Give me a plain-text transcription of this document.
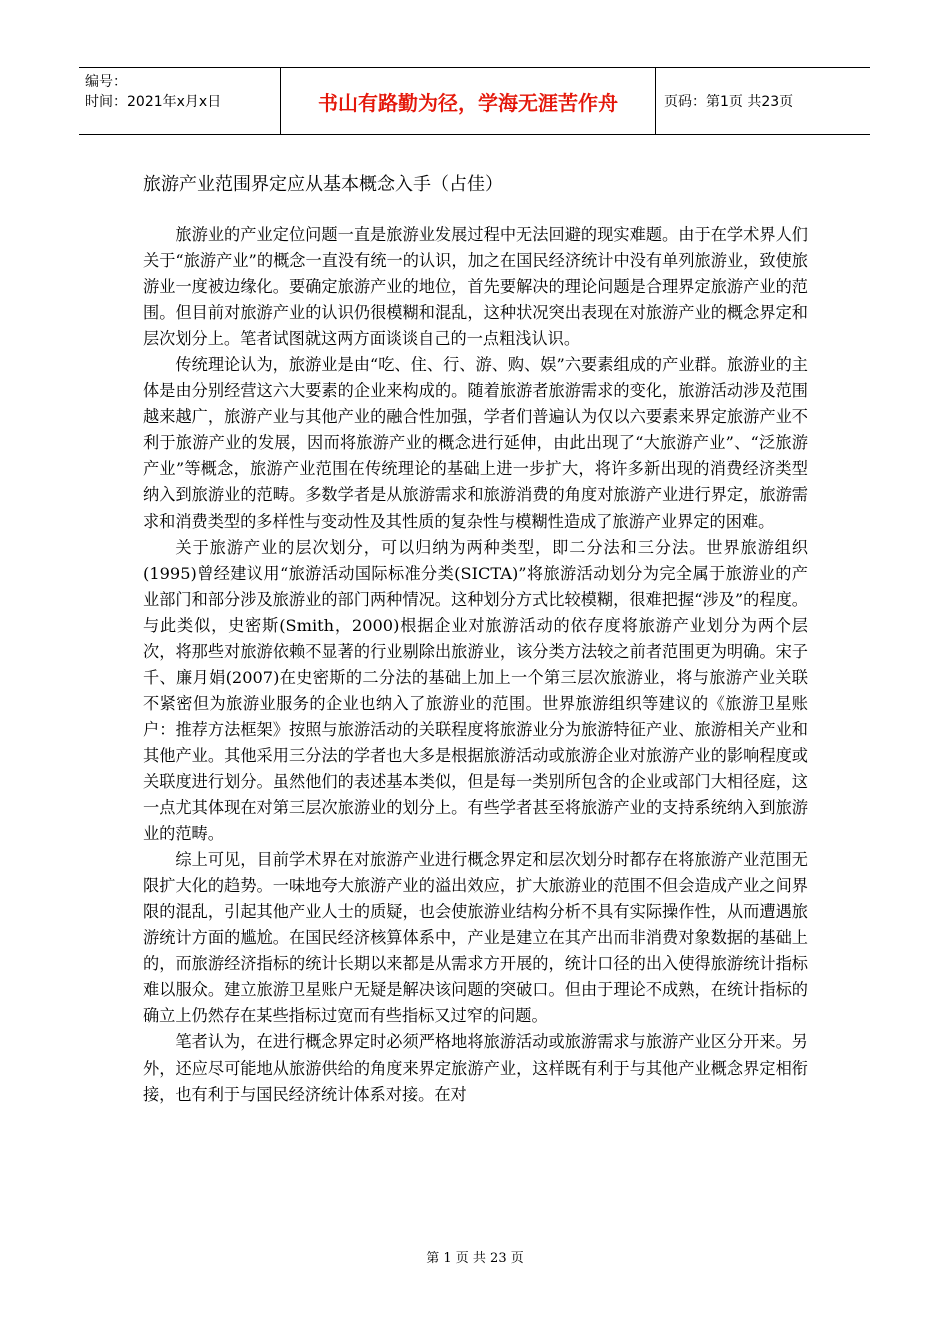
编号：
时间：2021年x月x日	书山有路勤为径，学海无涯苦作舟	页码：第1页 共23页
旅游产业范围界定应从基本概念入手（占佳）

旅游业的产业定位问题一直是旅游业发展过程中无法回避的现实难题。由于在学术界人们关于“旅游产业”的概念一直没有统一的认识，加之在国民经济统计中没有单列旅游业，致使旅游业一度被边缘化。要确定旅游产业的地位，首先要解决的理论问题是合理界定旅游产业的范围。但目前对旅游产业的认识仍很模糊和混乱，这种状况突出表现在对旅游产业的概念界定和层次划分上。笔者试图就这两方面谈谈自己的一点粗浅认识。

传统理论认为，旅游业是由“吃、住、行、游、购、娱”六要素组成的产业群。旅游业的主体是由分别经营这六大要素的企业来构成的。随着旅游者旅游需求的变化，旅游活动涉及范围越来越广，旅游产业与其他产业的融合性加强，学者们普遍认为仅以六要素来界定旅游产业不利于旅游产业的发展，因而将旅游产业的概念进行延伸，由此出现了“大旅游产业”、“泛旅游产业”等概念，旅游产业范围在传统理论的基础上进一步扩大，将许多新出现的消费经济类型纳入到旅游业的范畴。多数学者是从旅游需求和旅游消费的角度对旅游产业进行界定，旅游需求和消费类型的多样性与变动性及其性质的复杂性与模糊性造成了旅游产业界定的困难。

关于旅游产业的层次划分，可以归纳为两种类型，即二分法和三分法。世界旅游组织(1995)曾经建议用“旅游活动国际标准分类(SICTA)”将旅游活动划分为完全属于旅游业的产业部门和部分涉及旅游业的部门两种情况。这种划分方式比较模糊，很难把握“涉及”的程度。与此类似，史密斯(Smith，2000)根据企业对旅游活动的依存度将旅游产业划分为两个层次，将那些对旅游依赖不显著的行业剔除出旅游业，该分类方法较之前者范围更为明确。宋子千、廉月娟(2007)在史密斯的二分法的基础上加上一个第三层次旅游业，将与旅游产业关联不紧密但为旅游业服务的企业也纳入了旅游业的范围。世界旅游组织等建议的《旅游卫星账户：推荐方法框架》按照与旅游活动的关联程度将旅游业分为旅游特征产业、旅游相关产业和其他产业。其他采用三分法的学者也大多是根据旅游活动或旅游企业对旅游产业的影响程度或关联度进行划分。虽然他们的表述基本类似，但是每一类别所包含的企业或部门大相径庭，这一点尤其体现在对第三层次旅游业的划分上。有些学者甚至将旅游产业的支持系统纳入到旅游业的范畴。

综上可见，目前学术界在对旅游产业进行概念界定和层次划分时都存在将旅游产业范围无限扩大化的趋势。一味地夸大旅游产业的溢出效应，扩大旅游业的范围不但会造成产业之间界限的混乱，引起其他产业人士的质疑，也会使旅游业结构分析不具有实际操作性，从而遭遇旅游统计方面的尴尬。在国民经济核算体系中，产业是建立在其产出而非消费对象数据的基础上的，而旅游经济指标的统计长期以来都是从需求方开展的，统计口径的出入使得旅游统计指标难以服众。建立旅游卫星账户无疑是解决该问题的突破口。但由于理论不成熟，在统计指标的确立上仍然存在某些指标过宽而有些指标又过窄的问题。

笔者认为，在进行概念界定时必须严格地将旅游活动或旅游需求与旅游产业区分开来。另外，还应尽可能地从旅游供给的角度来界定旅游产业，这样既有利于与其他产业概念界定相衔接，也有利于与国民经济统计体系对接。在对

第 1 页 共 23 页
